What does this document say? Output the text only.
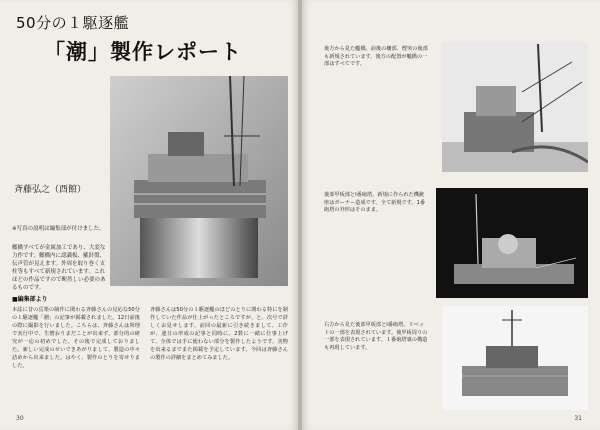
50分の１駆逐艦
「潮」製作レポート
斉藤弘之（酉館）
※写真の説明は編集部が付けました。
艦橋すべてが金属加工であり、大変な力作です。艦橋内に認識板、羅針盤、伝声管が見えます。外周を取り巻く支柱等もすべて新規されています。これほどの作品ですので断然しい必要のあるものです。
■編集部より
本誌に昔の岳楽の制作に関わる斉藤さんの見応な50分の１駆逐艦「潮」の記事が掲載されました。12日前後の際に撮影を行いました。こちらは、斉藤さんは所理で実行中で、生憎おりまだことが出来ず、部分的の研究が一応の初めでした。その後で完成しておりました。新しい完成のせいできあがりまして、製造の中々詰めから出来ました。はやく、製作のとりを寄せりました。
斉藤さんは50分の１駆逐艦のほどのとりに関わる特にを制作していた作品が仕上がったところですが、と。次号で詳しくお見せします。前回の最新に引き続きまして、工作が、連日の形成の記事と同時に、2数に一緒に仕事上げて、全体では手に使わない部分を製作したようです。実物を出来るまでまた掲載を予定しています。今回は斉藤さんの製作の詳細をまとめてみました。
30
後方から見た艦橋。前後の柵部、煙突の後部も新規されています。後方の配置が艦橋の一部はすべてです。
後部甲板部とⅠ番砲塔。新規に作られた機銃座はボーナー造成です。全て新規です。1番砲塔の外形はそのまま。
右方から見た後部甲板部とⅠ番砲塔。リベットの一部を表現されています。後甲板周りの一部を表現されています。１番砲塔裏の構造も再現しています。
31
